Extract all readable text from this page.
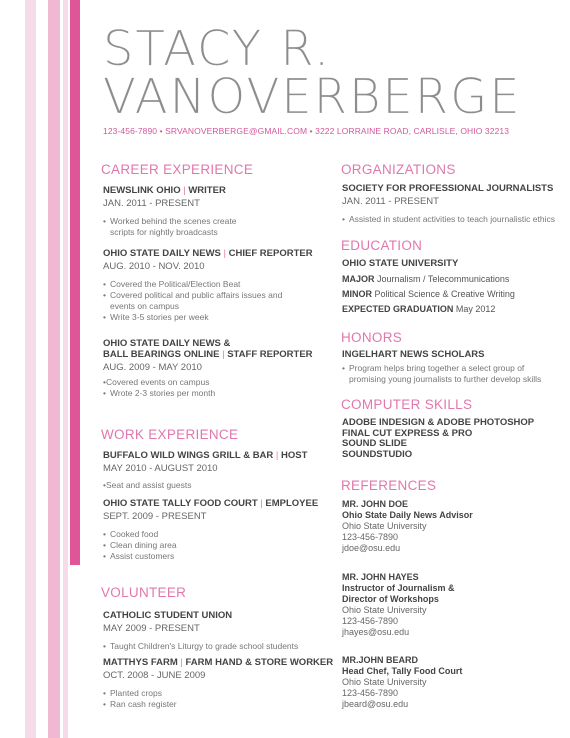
STACY R.
VANOVERBERGE
123-456-7890 • SRVANOVERBERGE@GMAIL.COM • 3222 LORRAINE ROAD, CARLISLE, OHIO 32213
CAREER EXPERIENCE
NEWSLINK OHIO | WRITER
JAN. 2011 - PRESENT
• Worked behind the scenes create
scripts for nightly broadcasts
OHIO STATE DAILY NEWS | CHIEF REPORTER
AUG. 2010 - NOV. 2010
• Covered the Political/Election Beat
• Covered political and public affairs issues and
events on campus
• Write 3-5 stories per week
OHIO STATE DAILY NEWS &
BALL BEARINGS ONLINE | STAFF REPORTER
AUG. 2009 - MAY 2010
•Covered events on campus
• Wrote 2-3 stories per month
WORK EXPERIENCE
BUFFALO WILD WINGS GRILL & BAR | HOST
MAY 2010 - AUGUST 2010
•Seat and assist guests
OHIO STATE TALLY FOOD COURT | EMPLOYEE
SEPT. 2009 - PRESENT
• Cooked food
• Clean dining area
• Assist customers
VOLUNTEER
CATHOLIC STUDENT UNION
MAY 2009 - PRESENT
• Taught Children's Liturgy to grade school students
MATTHYS FARM | FARM HAND & STORE WORKER
OCT. 2008 - JUNE 2009
• Planted crops
• Ran cash register
ORGANIZATIONS
SOCIETY FOR PROFESSIONAL JOURNALISTS
JAN. 2011 - PRESENT
• Assisted in student activities to teach journalistic ethics
EDUCATION
OHIO STATE UNIVERSITY
MAJOR Journalism / Telecommunications
MINOR Political Science & Creative Writing
EXPECTED GRADUATION May 2012
HONORS
INGELHART NEWS SCHOLARS
• Program helps bring together a select group of
promising young journalists to further develop skills
COMPUTER SKILLS
ADOBE INDESIGN & ADOBE PHOTOSHOP
FINAL CUT EXPRESS & PRO
SOUND SLIDE
SOUNDSTUDIO
REFERENCES
MR. JOHN DOE
Ohio State Daily News Advisor
Ohio State University
123-456-7890
jdoe@osu.edu
MR. JOHN HAYES
Instructor of Journalism &
Director of Workshops
Ohio State University
123-456-7890
jhayes@osu.edu
MR.JOHN BEARD
Head Chef, Tally Food Court
Ohio State University
123-456-7890
jbeard@osu.edu
